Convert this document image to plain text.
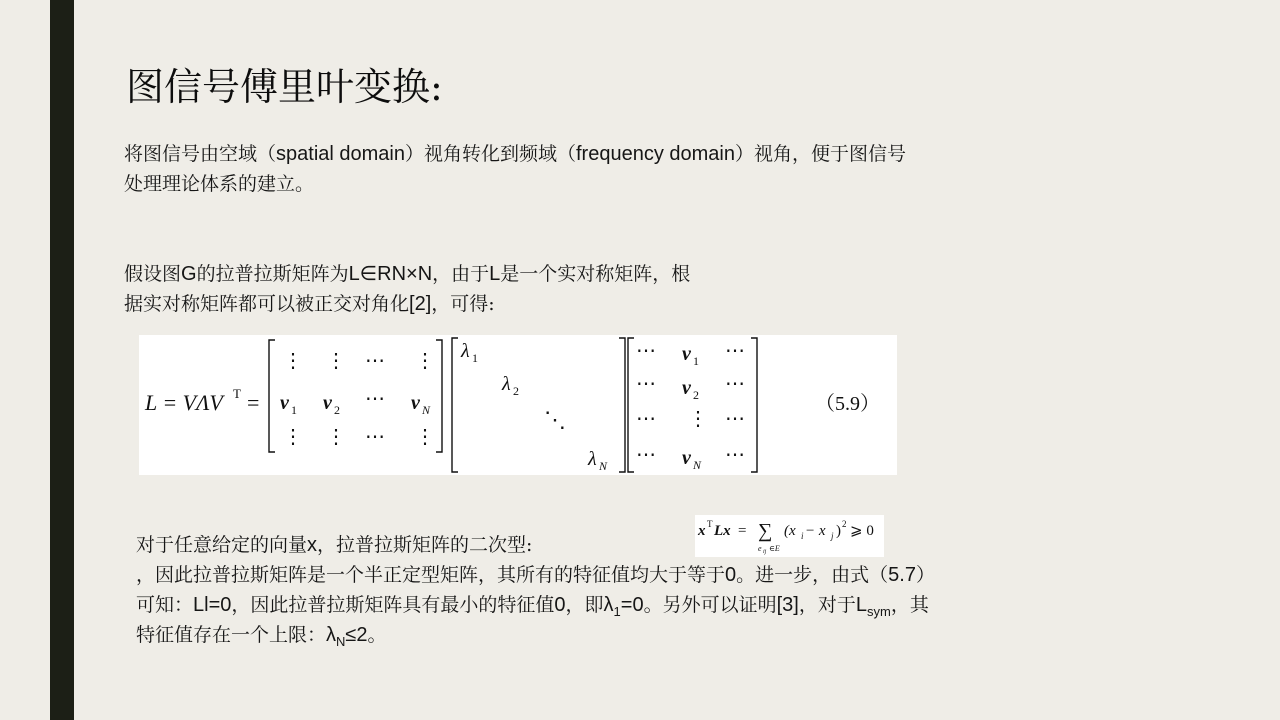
图信号傅里叶变换:
将图信号由空域（spatial domain）视角转化到频域（frequency domain）视角，便于图信号
处理理论体系的建立。
假设图G的拉普拉斯矩阵为L∈RN×N，由于L是一个实对称矩阵，根
据实对称矩阵都可以被正交对角化[2]，可得:
L = VΛV T =
⋮ ⋮ ⋯ ⋮
v 1 v 2 ⋯ v N
⋮ ⋮ ⋯ ⋮
λ 1
λ 2
⋱
λ N
⋯ v 1 ⋯
⋯ v 2 ⋯
⋯ ⋮ ⋯
⋯ v N ⋯
（5.9）
x T Lx = ∑
e ij ∈E
(x i − x j ) 2 ⩾ 0
对于任意给定的向量x，拉普拉斯矩阵的二次型:
，因此拉普拉斯矩阵是一个半正定型矩阵，其所有的特征值均大于等于0。进一步，由式（5.7）
可知：Ll=0，因此拉普拉斯矩阵具有最小的特征值0，即$\lambda_1=0$。另外可以证明[3]，对于$L_{sym}$，其
特征值存在一个上限：$\lambda_N\le 2$。
